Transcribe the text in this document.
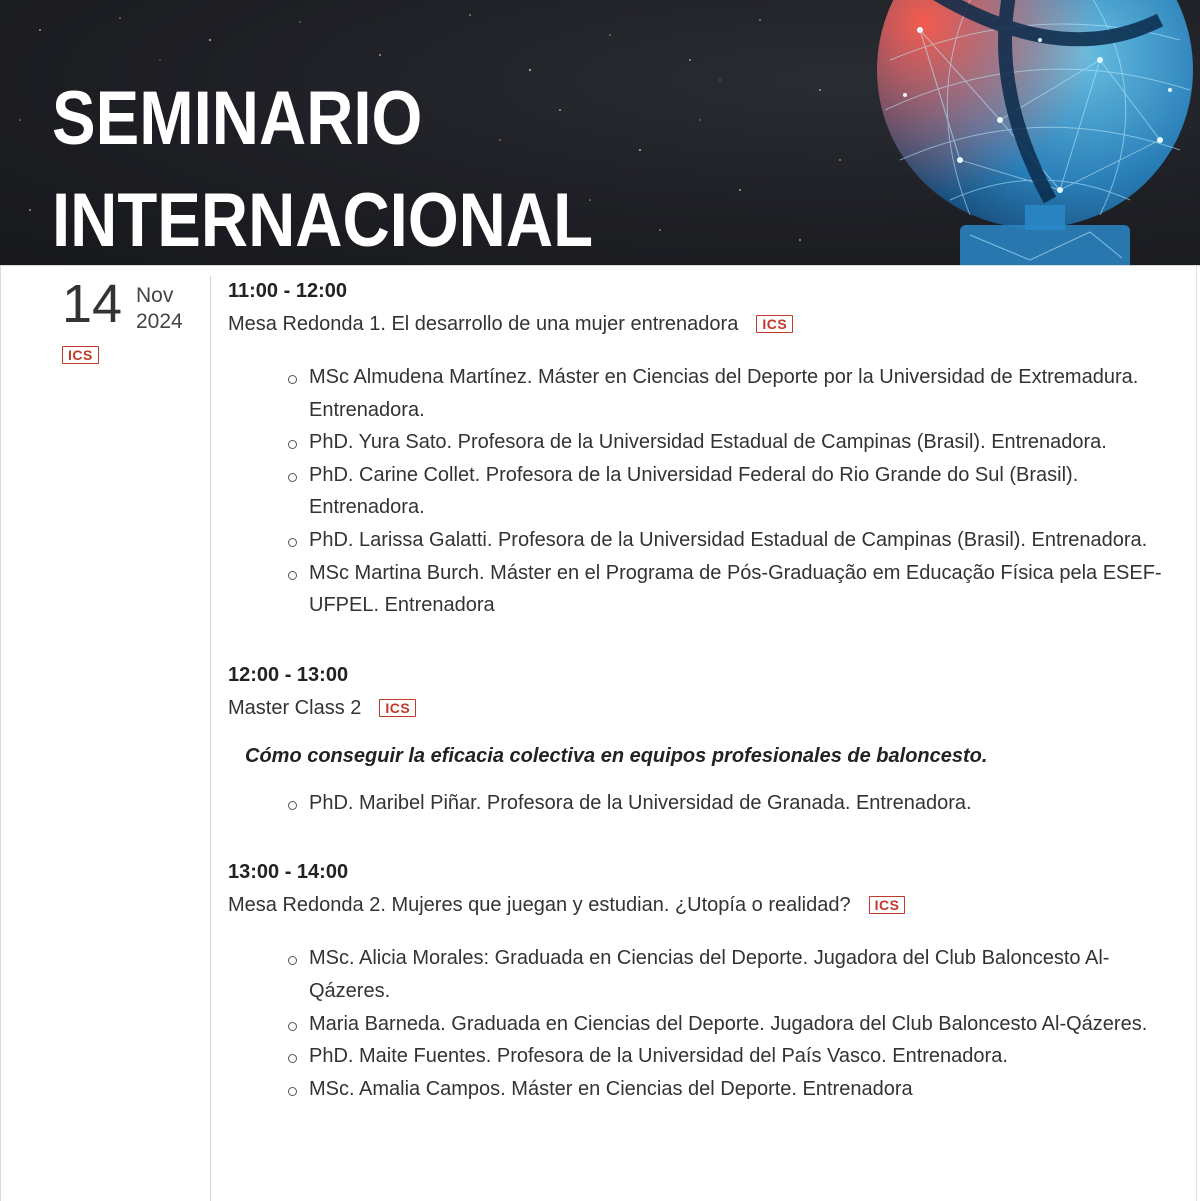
SEMINARIO
INTERNACIONAL
14 Nov
2024
ICS

11:00 - 12:00

Mesa Redonda 1. El desarrollo de una mujer entrenadora ICS

MSc Almudena Martínez. Máster en Ciencias del Deporte por la Universidad de Extremadura. Entrenadora.
PhD. Yura Sato. Profesora de la Universidad Estadual de Campinas (Brasil). Entrenadora.
PhD. Carine Collet. Profesora de la Universidad Federal do Rio Grande do Sul (Brasil). Entrenadora.
PhD. Larissa Galatti. Profesora de la Universidad Estadual de Campinas (Brasil). Entrenadora.
MSc Martina Burch. Máster en el Programa de Pós-Graduação em Educação Física pela ESEF-UFPEL. Entrenadora

12:00 - 13:00

Master Class 2 ICS

Cómo conseguir la eficacia colectiva en equipos profesionales de baloncesto.

PhD. Maribel Piñar. Profesora de la Universidad de Granada. Entrenadora.

13:00 - 14:00

Mesa Redonda 2. Mujeres que juegan y estudian. ¿Utopía o realidad? ICS

MSc. Alicia Morales: Graduada en Ciencias del Deporte. Jugadora del Club Baloncesto Al-Qázeres.
Maria Barneda. Graduada en Ciencias del Deporte. Jugadora del Club Baloncesto Al-Qázeres.
PhD. Maite Fuentes. Profesora de la Universidad del País Vasco. Entrenadora.
MSc. Amalia Campos. Máster en Ciencias del Deporte. Entrenadora
